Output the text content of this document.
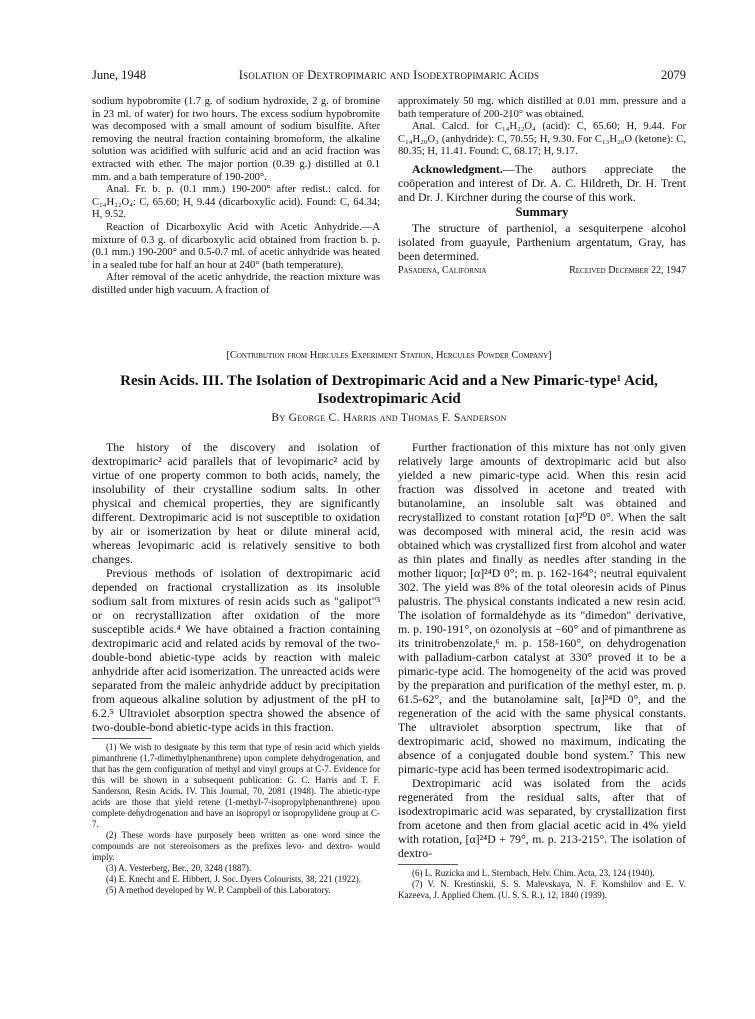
June, 1948	Isolation of Dextropimaric and Isodextropimaric Acids	2079

sodium hypobromite (1.7 g. of sodium hydroxide, 2 g. of bromine in 23 ml. of water) for two hours. The excess sodium hypobromite was decomposed with a small amount of sodium bisulfite. After removing the neutral fraction containing bromoform, the alkaline solution was acidified with sulfuric acid and an acid fraction was extracted with ether. The major portion (0.39 g.) distilled at 0.1 mm. and a bath temperature of 190-200°.

Anal. Fr. b. p. (0.1 mm.) 190-200° after redist.: calcd. for C₁₄H₂₂O₄: C, 65.60; H, 9.44 (dicarboxylic acid). Found: C, 64.34; H, 9.52.

Reaction of Dicarboxylic Acid with Acetic Anhydride.—A mixture of 0.3 g. of dicarboxylic acid obtained from fraction b. p. (0.1 mm.) 190-200° and 0.5-0.7 ml. of acetic anhydride was heated in a sealed tube for half an hour at 240° (bath temperature).

After removal of the acetic anhydride, the reaction mixture was distilled under high vacuum. A fraction of

approximately 50 mg. which distilled at 0.01 mm. pressure and a bath temperature of 200-210° was obtained.

Anal. Calcd. for C₁₄H₂₂O₄ (acid): C, 65.60; H, 9.44. For C₁₄H₂₀O₃ (anhydride): C, 70.55; H, 9.30. For C₁₃H₂₀O (ketone): C, 80.35; H, 11.41. Found: C, 68.17; H, 9.17.

Acknowledgment.—The authors appreciate the coöperation and interest of Dr. A. C. Hildreth, Dr. H. Trent and Dr. J. Kirchner during the course of this work.

Summary

The structure of partheniol, a sesquiterpene alcohol isolated from guayule, Parthenium argentatum, Gray, has been determined.

Pasadena, California	Received December 22, 1947
[Contribution from Hercules Experiment Station, Hercules Powder Company]
Resin Acids. III. The Isolation of Dextropimaric Acid and a New Pimaric-type¹ Acid, Isodextropimaric Acid
By George C. Harris and Thomas F. Sanderson

The history of the discovery and isolation of dextropimaric² acid parallels that of levopimaric² acid by virtue of one property common to both acids, namely, the insolubility of their crystalline sodium salts. In other physical and chemical properties, they are significantly different. Dextropimaric acid is not susceptible to oxidation by air or isomerization by heat or dilute mineral acid, whereas levopimaric acid is relatively sensitive to both changes.

Previous methods of isolation of dextropimaric acid depended on fractional crystallization as its insoluble sodium salt from mixtures of resin acids such as "galipot"³ or on recrystallization after oxidation of the more susceptible acids.⁴ We have obtained a fraction containing dextropimaric acid and related acids by removal of the two-double-bond abietic-type acids by reaction with maleic anhydride after acid isomerization. The unreacted acids were separated from the maleic anhydride adduct by precipitation from aqueous alkaline solution by adjustment of the pH to 6.2.⁵ Ultraviolet absorption spectra showed the absence of two-double-bond abietic-type acids in this fraction.

(1) We wish to designate by this term that type of resin acid which yields pimanthrene (1,7-dimethylphenanthrene) upon complete dehydrogenation, and that has the gem configuration of methyl and vinyl groups at C-7. Evidence for this will be shown in a subsequent publication: G. C. Harris and T. F. Sanderson, Resin Acids. IV. This Journal, 70, 2081 (1948). The abietic-type acids are those that yield retene (1-methyl-7-isopropylphenanthrene) upon complete dehydrogenation and have an isopropyl or isopropylidene group at C-7.

(2) These words have purposely been written as one word since the compounds are not stereoisomers as the prefixes levo- and dextro- would imply.

(3) A. Vesterberg, Ber., 20, 3248 (1887).

(4) E. Knecht and E. Hibbert, J. Soc. Dyers Colourists, 38, 221 (1922).

(5) A method developed by W. P. Campbell of this Laboratory.

Further fractionation of this mixture has not only given relatively large amounts of dextropimaric acid but also yielded a new pimaric-type acid. When this resin acid fraction was dissolved in acetone and treated with butanolamine, an insoluble salt was obtained and recrystallized to constant rotation [α]²⁰D 0°. When the salt was decomposed with mineral acid, the resin acid was obtained which was crystallized first from alcohol and water as thin plates and finally as needles after standing in the mother liquor; [α]²⁴D 0°; m. p. 162-164°; neutral equivalent 302. The yield was 8% of the total oleoresin acids of Pinus palustris. The physical constants indicated a new resin acid. The isolation of formaldehyde as its "dimedon" derivative, m. p. 190-191°, on ozonolysis at −60° and of pimanthrene as its trinitrobenzolate,⁶ m. p. 158-160°, on dehydrogenation with palladium-carbon catalyst at 330° proved it to be a pimaric-type acid. The homogeneity of the acid was proved by the preparation and purification of the methyl ester, m. p. 61.5-62°, and the butanolamine salt, [α]²⁴D 0°, and the regeneration of the acid with the same physical constants. The ultraviolet absorption spectrum, like that of dextropimaric acid, showed no maximum, indicating the absence of a conjugated double bond system.⁷ This new pimaric-type acid has been termed isodextropimaric acid.

Dextropimaric acid was isolated from the acids regenerated from the residual salts, after that of isodextropimaric acid was separated, by crystallization first from acetone and then from glacial acetic acid in 4% yield with rotation, [α]²⁴D + 79°, m. p. 213-215°. The isolation of dextro-

(6) L. Ruzicka and L. Sternbach, Helv. Chim. Acta, 23, 124 (1940).

(7) V. N. Krestinskii, S. S. Malevskaya, N. F. Komshilov and E. V. Kazeeva, J. Applied Chem. (U. S. S. R.), 12, 1840 (1939).
